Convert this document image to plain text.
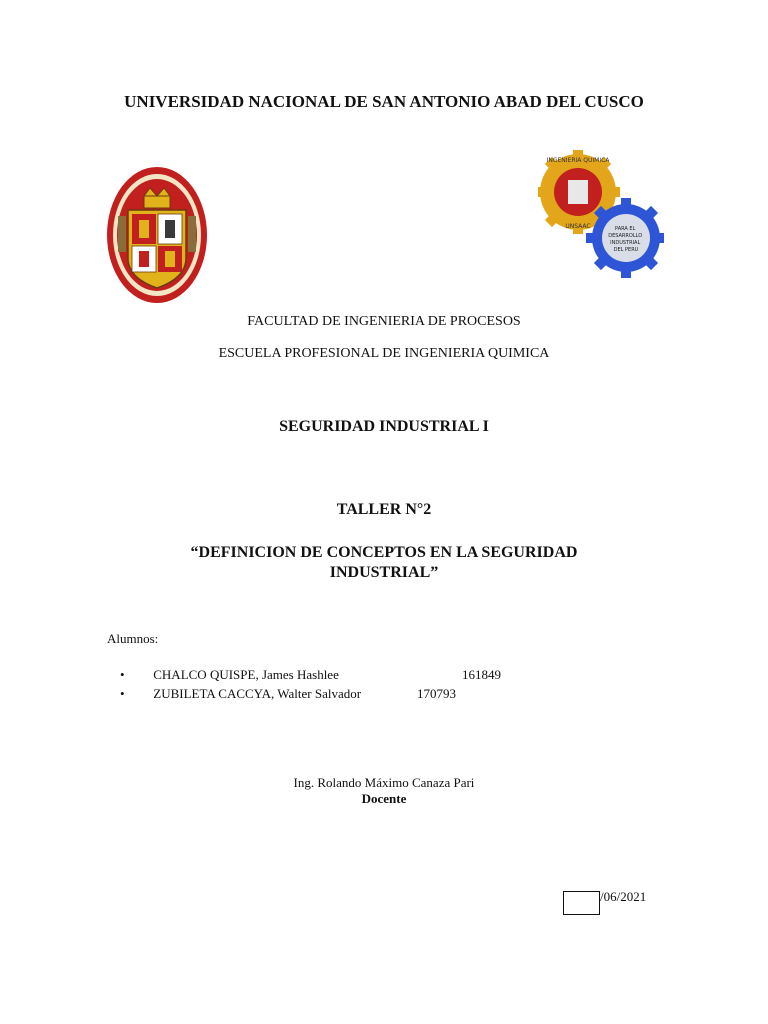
UNIVERSIDAD NACIONAL DE SAN ANTONIO ABAD DEL CUSCO
INGENIERIA QUIMICA
UNSAAC	PARA EL DESARROLLO INDUSTRIAL DEL PERU
FACULTAD DE INGENIERIA DE PROCESOS
ESCUELA PROFESIONAL DE INGENIERIA QUIMICA
SEGURIDAD INDUSTRIAL I
TALLER N°2
“DEFINICION DE CONCEPTOS EN LA SEGURIDAD
INDUSTRIAL”
Alumnos:
• CHALCO QUISPE, James Hashlee	161849
• ZUBILETA CACCYA, Walter Salvador	170793
Ing. Rolando Máximo Canaza Pari
Docente
/06/2021
